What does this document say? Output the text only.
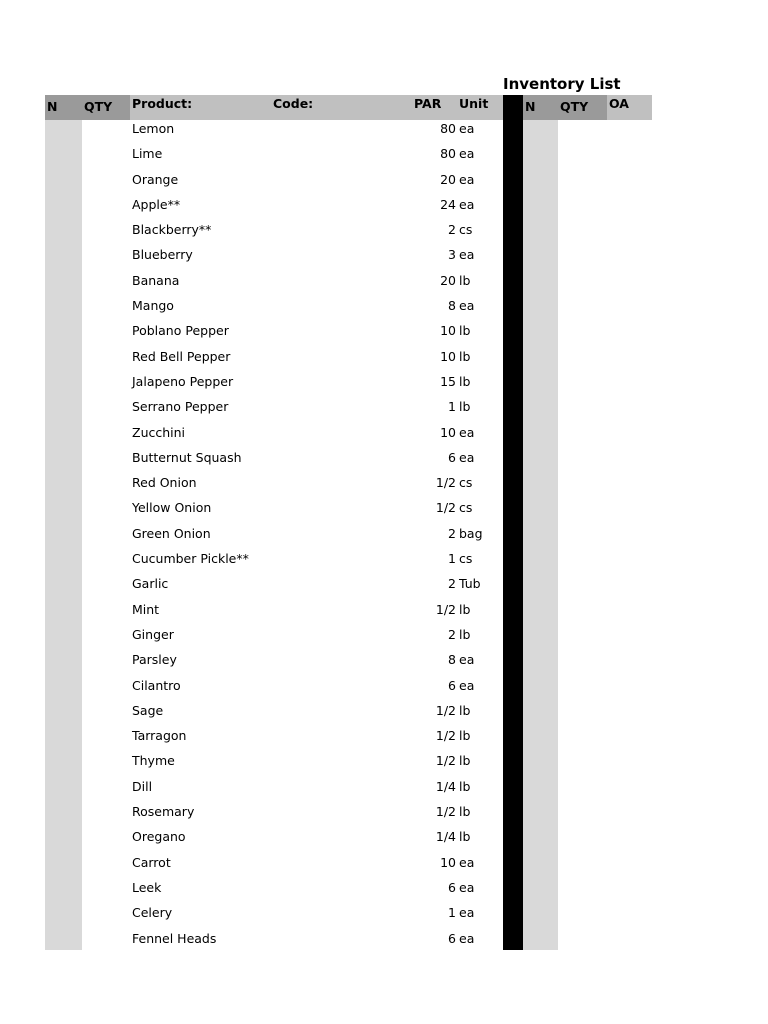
Inventory List
N QTY Product:	Code:	PAR Unit	N QTY OA
Lemon	80 ea
Lime	80 ea
Orange	20 ea
Apple**	24 ea
Blackberry**	2 cs
Blueberry	3 ea
Banana	20 lb
Mango	8 ea
Poblano Pepper	10 lb
Red Bell Pepper	10 lb
Jalapeno Pepper	15 lb
Serrano Pepper	1 lb
Zucchini	10 ea
Butternut Squash	6 ea
Red Onion	1/2 cs
Yellow Onion	1/2 cs
Green Onion	2 bag
Cucumber Pickle**	1 cs
Garlic	2 Tub
Mint	1/2 lb
Ginger	2 lb
Parsley	8 ea
Cilantro	6 ea
Sage	1/2 lb
Tarragon	1/2 lb
Thyme	1/2 lb
Dill	1/4 lb
Rosemary	1/2 lb
Oregano	1/4 lb
Carrot	10 ea
Leek	6 ea
Celery	1 ea
Fennel Heads	6 ea
